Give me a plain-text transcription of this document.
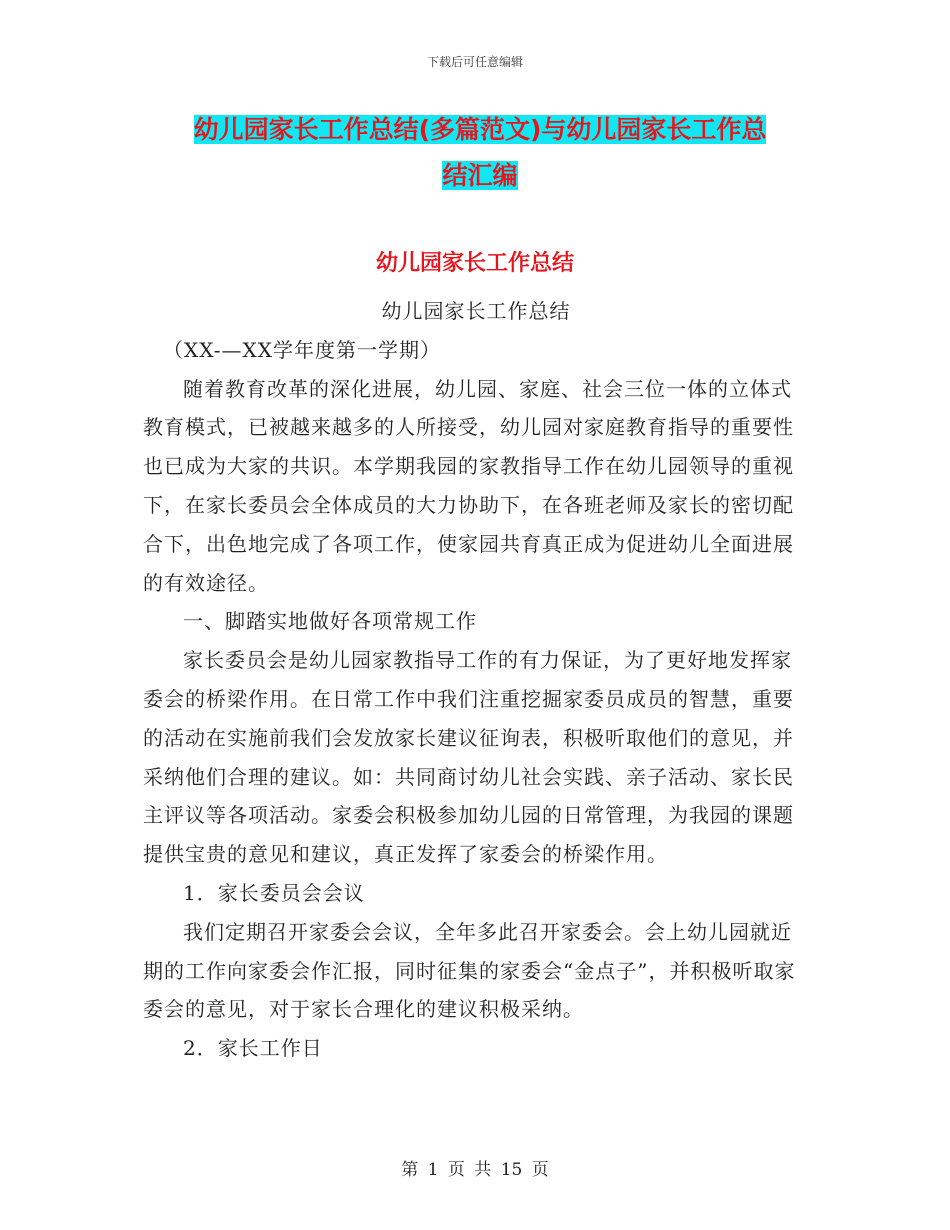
下载后可任意编辑
幼儿园家长工作总结(多篇范文)与幼儿园家长工作总
结汇编
幼儿园家长工作总结

幼儿园家长工作总结

（XX-—XX学年度第一学期）

随着教育改革的深化进展，幼儿园、家庭、社会三位一体的立体式教育模式，已被越来越多的人所接受，幼儿园对家庭教育指导的重要性也已成为大家的共识。本学期我园的家教指导工作在幼儿园领导的重视下，在家长委员会全体成员的大力协助下，在各班老师及家长的密切配合下，出色地完成了各项工作，使家园共育真正成为促进幼儿全面进展的有效途径。

一、脚踏实地做好各项常规工作

家长委员会是幼儿园家教指导工作的有力保证，为了更好地发挥家委会的桥梁作用。在日常工作中我们注重挖掘家委员成员的智慧，重要的活动在实施前我们会发放家长建议征询表，积极听取他们的意见，并采纳他们合理的建议。如：共同商讨幼儿社会实践、亲子活动、家长民主评议等各项活动。家委会积极参加幼儿园的日常管理，为我园的课题提供宝贵的意见和建议，真正发挥了家委会的桥梁作用。

1．家长委员会会议

我们定期召开家委会会议，全年多此召开家委会。会上幼儿园就近期的工作向家委会作汇报，同时征集的家委会“金点子”，并积极听取家委会的意见，对于家长合理化的建议积极采纳。

2．家长工作日

第 1 页 共 15 页
